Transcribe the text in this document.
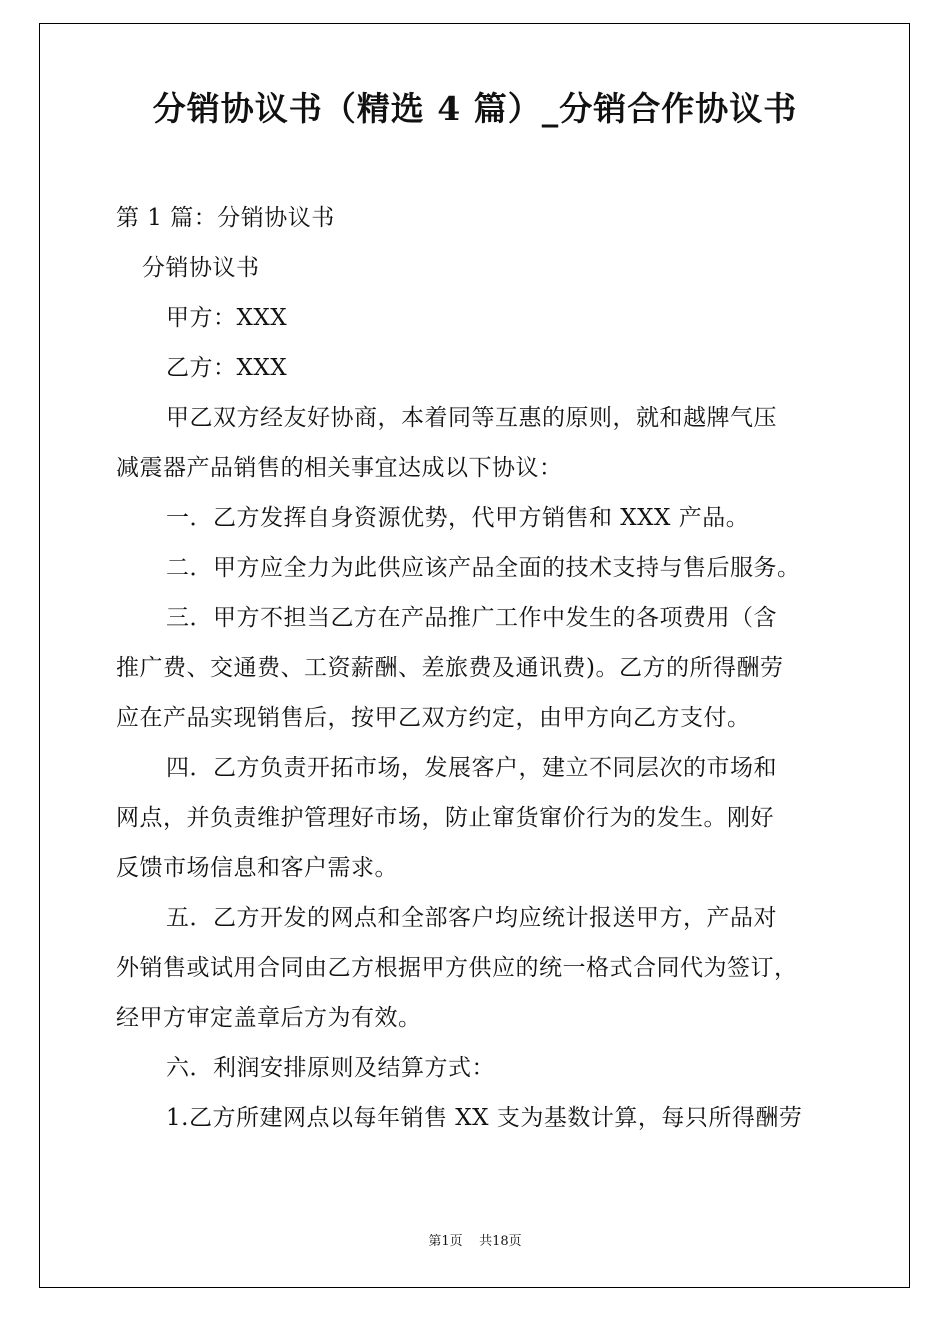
分销协议书（精选 4 篇）_分销合作协议书
第 1 篇：分销协议书
分销协议书
甲方：XXX
乙方：XXX
甲乙双方经友好协商，本着同等互惠的原则，就和越牌气压
减震器产品销售的相关事宜达成以下协议：
一．乙方发挥自身资源优势，代甲方销售和 XXX 产品。
二．甲方应全力为此供应该产品全面的技术支持与售后服务。
三．甲方不担当乙方在产品推广工作中发生的各项费用（含
推广费、交通费、工资薪酬、差旅费及通讯费)。乙方的所得酬劳
应在产品实现销售后，按甲乙双方约定，由甲方向乙方支付。
四．乙方负责开拓市场，发展客户，建立不同层次的市场和
网点，并负责维护管理好市场，防止窜货窜价行为的发生。刚好
反馈市场信息和客户需求。
五．乙方开发的网点和全部客户均应统计报送甲方，产品对
外销售或试用合同由乙方根据甲方供应的统一格式合同代为签订，
经甲方审定盖章后方为有效。
六．利润安排原则及结算方式：
1.乙方所建网点以每年销售 XX 支为基数计算，每只所得酬劳
第1页    共18页
